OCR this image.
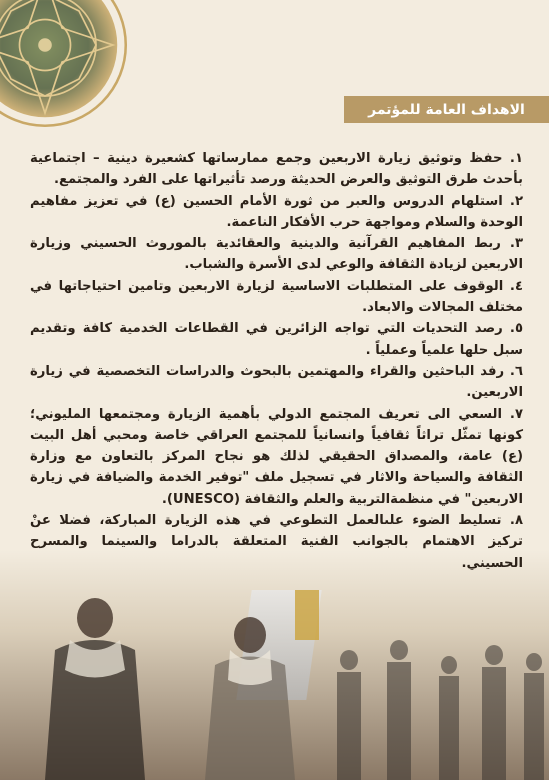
الاهداف العامة للمؤتمر

١. حفظ وتوثيق زيارة الاربعين وجمع ممارساتها كشعيرة دينية – اجتماعية بأحدث طرق التوثيق والعرض الحديثة ورصد تأثيراتها على الفرد والمجتمع.

٢. استلهام الدروس والعبر من ثورة الأمام الحسين (ع) في تعزيز مفاهيم الوحدة والسلام ومواجهة حرب الأفكار الناعمة.

٣. ربط المفاهيم القرآنية والدينية والعقائدية بالموروث الحسيني وزيارة الاربعين لزيادة الثقافة والوعي لدى الأسرة والشباب.

٤. الوقوف على المتطلبات الاساسية لزيارة الاربعين وتامين احتياجاتها في مختلف المجالات والابعاد.

٥. رصد التحديات التي تواجه الزائرين في القطاعات الخدمية كافة وتقديم سبل حلها علمياً وعملياً .

٦. رفد الباحثين والقراء والمهتمين بالبحوث والدراسات التخصصية في زيارة الاربعين.

٧. السعي الى تعريف المجتمع الدولي بأهمية الزيارة ومجتمعها المليوني؛ كونها تمثّل تراثاً ثقافياً وانسانياً للمجتمع العراقي خاصة ومحبي أهل البيت (ع) عامة، والمصداق الحقيقي لذلك هو نجاح المركز بالتعاون مع وزارة الثقافة والسياحة والاثار في تسجيل ملف "توفير الخدمة والضيافة في زيارة الاربعين" في منظمةالتربية والعلم والثقافة (UNESCO).

٨. تسليط الضوء علىالعمل التطوعي في هذه الزيارة المباركة، فضلا عنْ تركيز الاهتمام بالجوانب الفنية المتعلقة بالدراما والسينما والمسرح الحسيني.
